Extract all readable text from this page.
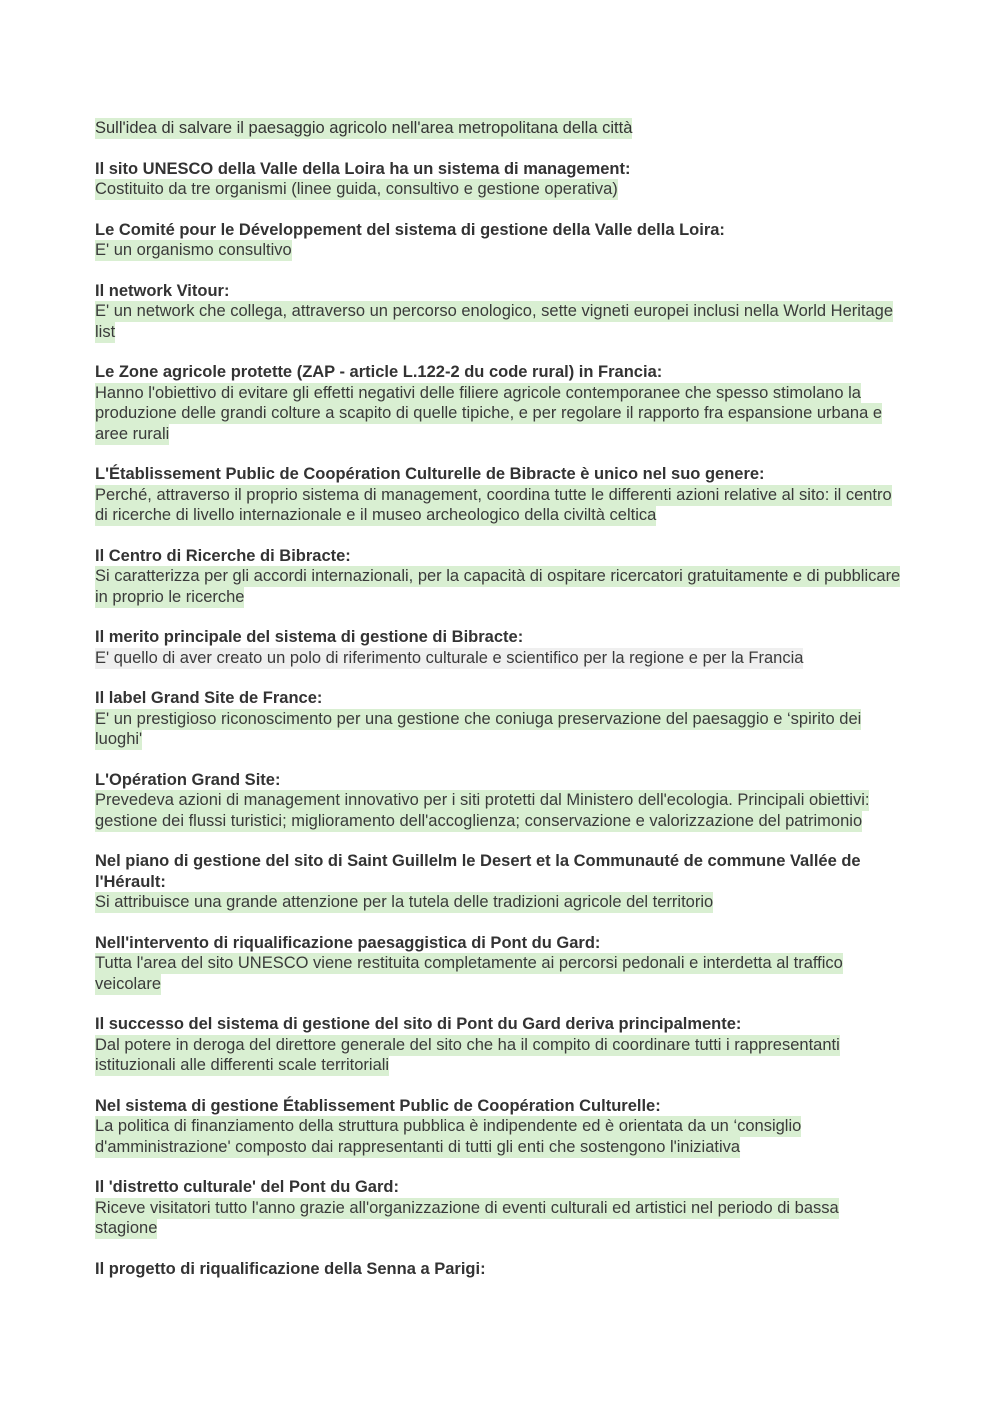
Sull'idea di salvare il paesaggio agricolo nell'area metropolitana della città

Il sito UNESCO della Valle della Loira ha un sistema di management:

Costituito da tre organismi (linee guida, consultivo e gestione operativa)

Le Comité pour le Développement del sistema di gestione della Valle della Loira:

E' un organismo consultivo

Il network Vitour:

E' un network che collega, attraverso un percorso enologico, sette vigneti europei inclusi nella World Heritage list

Le Zone agricole protette (ZAP - article L.122-2 du code rural) in Francia:

Hanno l'obiettivo di evitare gli effetti negativi delle filiere agricole contemporanee che spesso stimolano la produzione delle grandi colture a scapito di quelle tipiche, e per regolare il rapporto fra espansione urbana e aree rurali

L'Établissement Public de Coopération Culturelle de Bibracte è unico nel suo genere:

Perché, attraverso il proprio sistema di management, coordina tutte le differenti azioni relative al sito: il centro di ricerche di livello internazionale e il museo archeologico della civiltà celtica

Il Centro di Ricerche di Bibracte:

Si caratterizza per gli accordi internazionali, per la capacità di ospitare ricercatori gratuitamente e di pubblicare in proprio le ricerche

Il merito principale del sistema di gestione di Bibracte:

E' quello di aver creato un polo di riferimento culturale e scientifico per la regione e per la Francia

Il label Grand Site de France:

E' un prestigioso riconoscimento per una gestione che coniuga preservazione del paesaggio e ‘spirito dei luoghi'

L'Opération Grand Site:

Prevedeva azioni di management innovativo per i siti protetti dal Ministero dell'ecologia. Principali obiettivi: gestione dei flussi turistici; miglioramento dell'accoglienza; conservazione e valorizzazione del patrimonio

Nel piano di gestione del sito di Saint Guillelm le Desert et la Communauté de commune Vallée de l'Hérault:

Si attribuisce una grande attenzione per la tutela delle tradizioni agricole del territorio

Nell'intervento di riqualificazione paesaggistica di Pont du Gard:

Tutta l'area del sito UNESCO viene restituita completamente ai percorsi pedonali e interdetta al traffico veicolare

Il successo del sistema di gestione del sito di Pont du Gard deriva principalmente:

Dal potere in deroga del direttore generale del sito che ha il compito di coordinare tutti i rappresentanti istituzionali alle differenti scale territoriali

Nel sistema di gestione Établissement Public de Coopération Culturelle:

La politica di finanziamento della struttura pubblica è indipendente ed è orientata da un ‘consiglio d'amministrazione' composto dai rappresentanti di tutti gli enti che sostengono l'iniziativa

Il 'distretto culturale' del Pont du Gard:

Riceve visitatori tutto l'anno grazie all'organizzazione di eventi culturali ed artistici nel periodo di bassa stagione

Il progetto di riqualificazione della Senna a Parigi:
